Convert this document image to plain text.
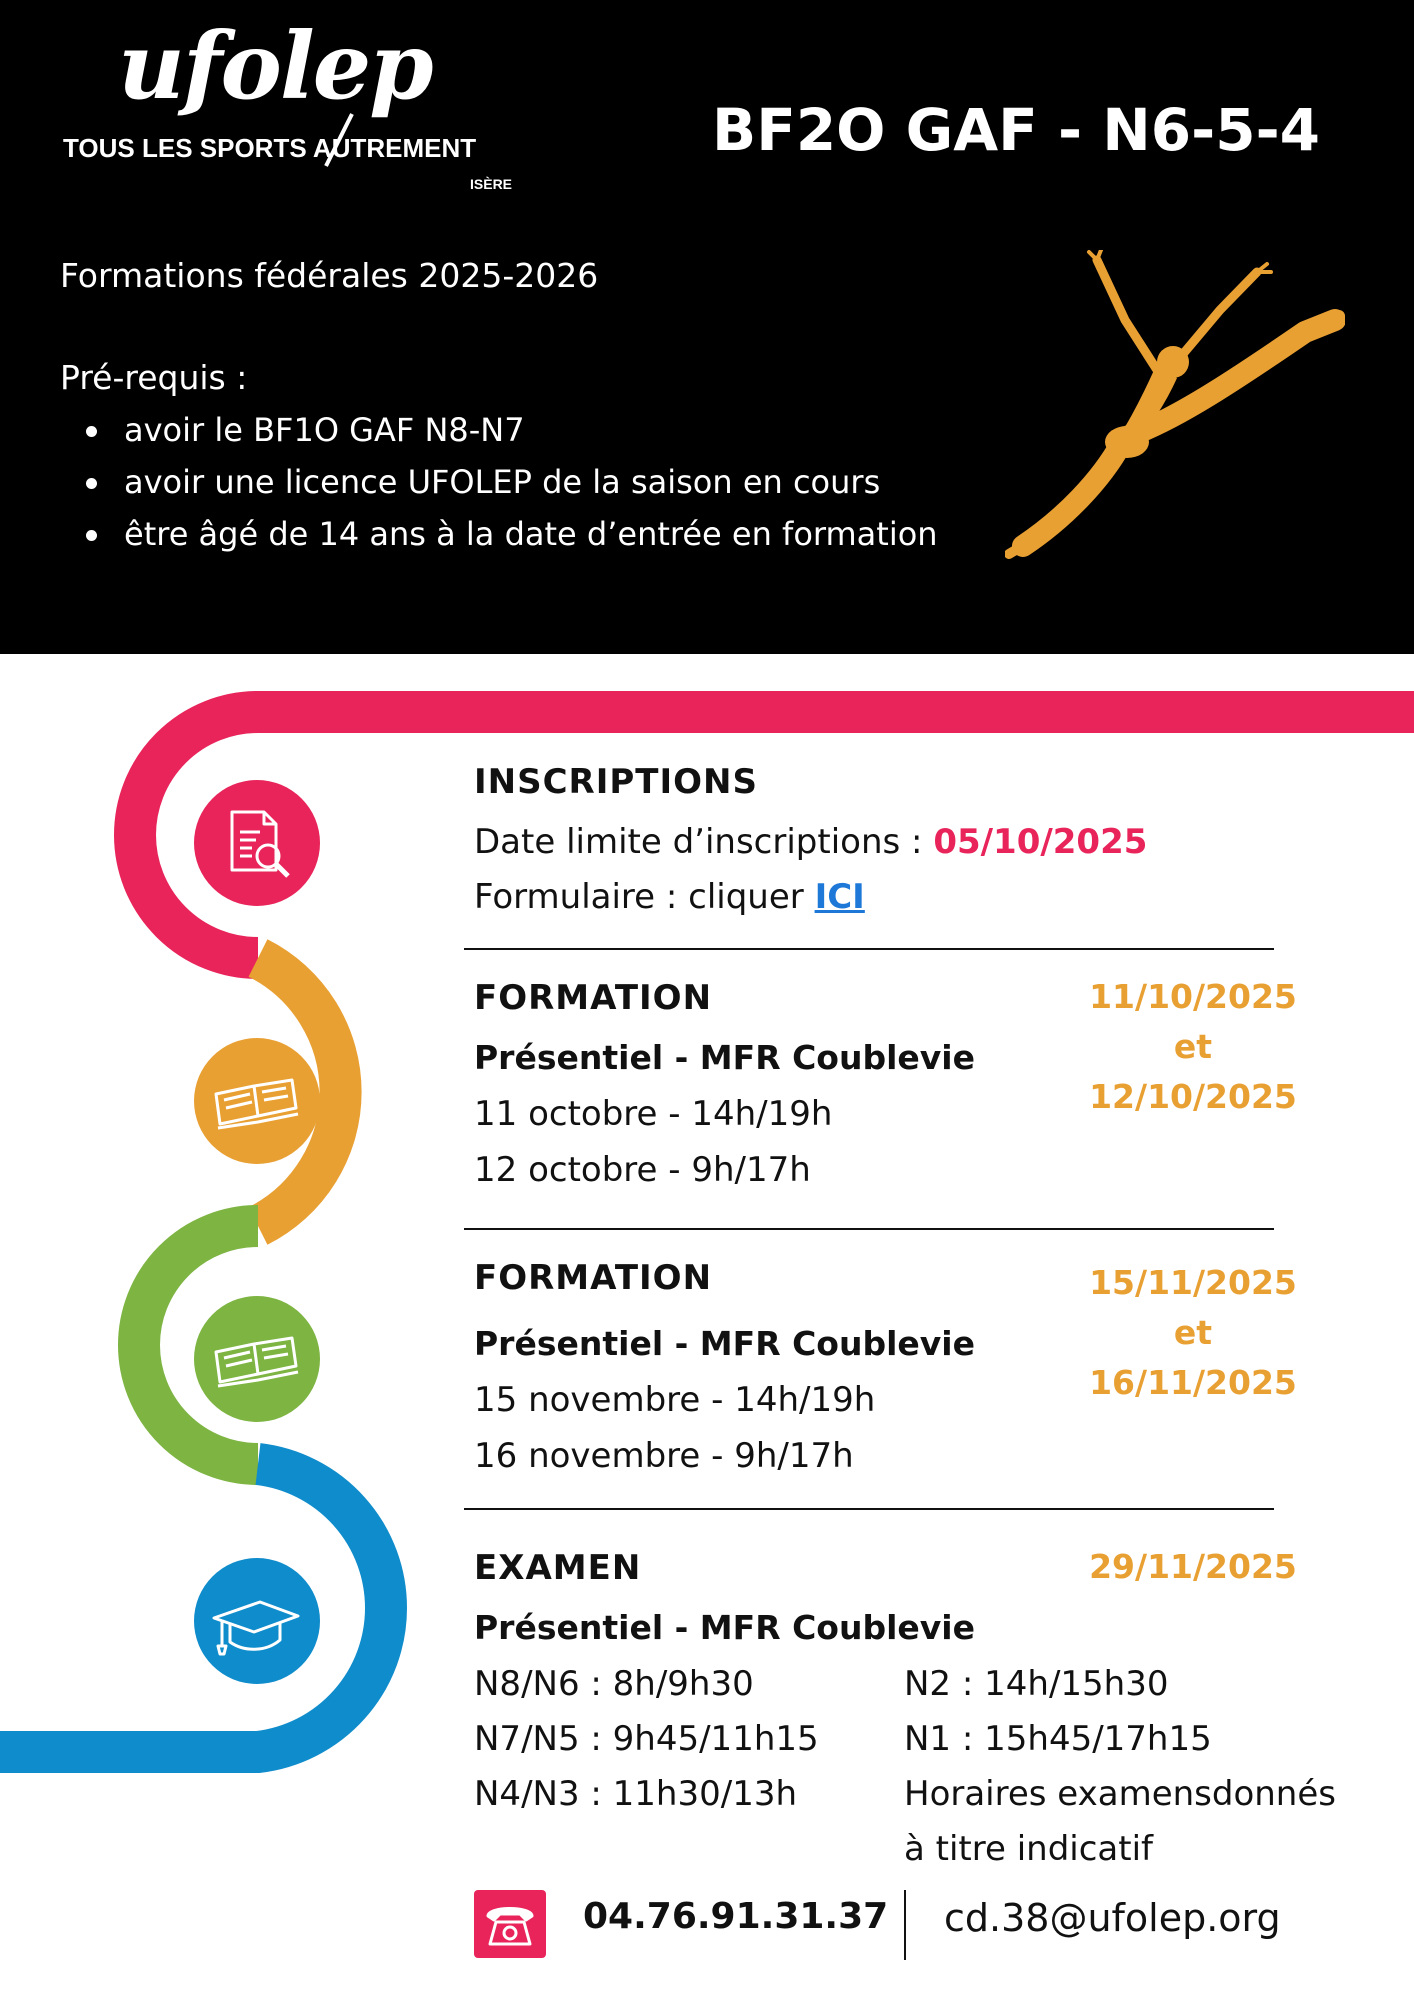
ufolep
TOUS LES SPORTS AUTREMENT
ISÈRE
BF2O GAF - N6-5-4
Formations fédérales 2025-2026
Pré-requis :
avoir le BF1O GAF N8-N7
avoir une licence UFOLEP de la saison en cours
être âgé de 14 ans à la date d’entrée en formation
INSCRIPTIONS
Date limite d’inscriptions : 05/10/2025
Formulaire : cliquer ICI
FORMATION
Présentiel - MFR Coublevie
11 octobre - 14h/19h
12 octobre - 9h/17h
11/10/2025
et
12/10/2025
FORMATION
Présentiel - MFR Coublevie
15 novembre - 14h/19h
16 novembre - 9h/17h
15/11/2025
et
16/11/2025
EXAMEN	29/11/2025
Présentiel - MFR Coublevie
N8/N6 : 8h/9h30
N7/N5 : 9h45/11h15
N4/N3 : 11h30/13h
N2 : 14h/15h30
N1 : 15h45/17h15
Horaires examensdonnés
à titre indicatif
04.76.91.31.37 cd.38@ufolep.org
